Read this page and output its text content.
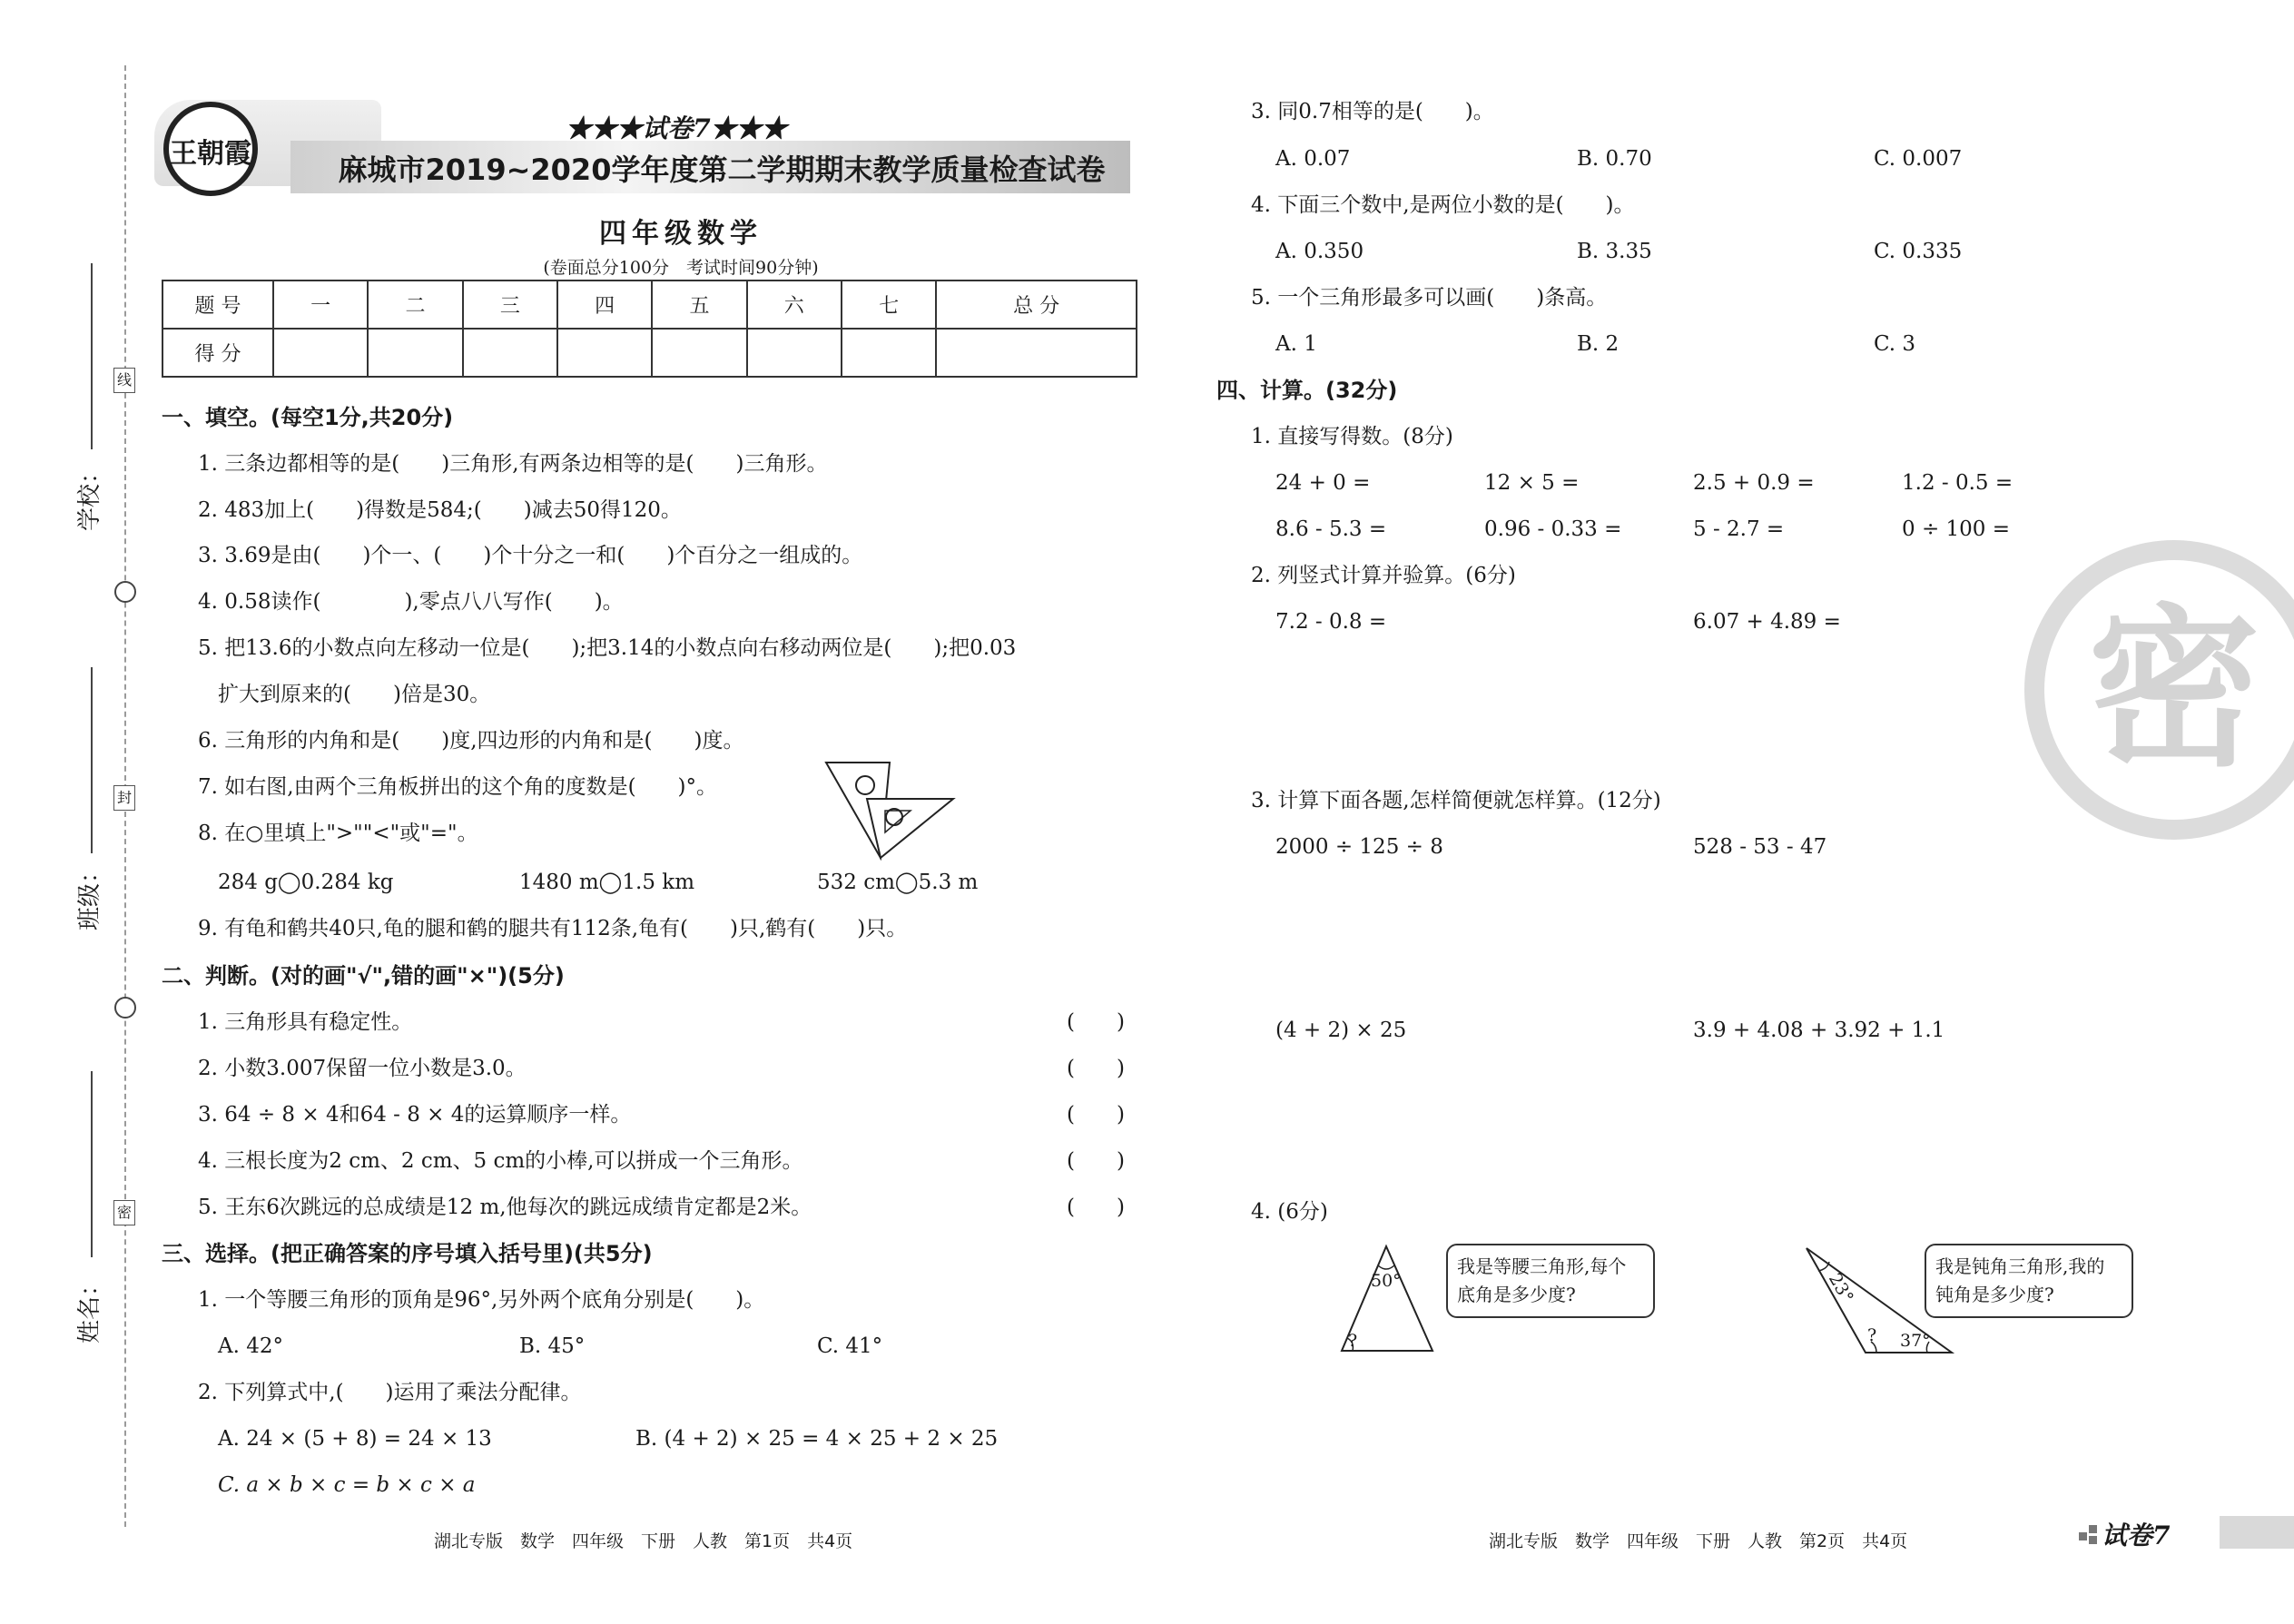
线
封
密
学校：
班级：
姓名：
王朝霞
★★★试卷7★★★
麻城市2019~2020学年度第二学期期末教学质量检查试卷
四年级数学
(卷面总分100分　考试时间90分钟)
题 号	一	二	三	四	五	六	七	总 分
得 分								
一、填空。(每空1分,共20分)
1. 三条边都相等的是(　　)三角形,有两条边相等的是(　　)三角形。
2. 483加上(　　)得数是584;(　　)减去50得120。
3. 3.69是由(　　)个一、(　　)个十分之一和(　　)个百分之一组成的。
4. 0.58读作(　　　　),零点八八写作(　　)。
5. 把13.6的小数点向左移动一位是(　　);把3.14的小数点向右移动两位是(　　);把0.03
扩大到原来的(　　)倍是30。
6. 三角形的内角和是(　　)度,四边形的内角和是(　　)度。
7. 如右图,由两个三角板拼出的这个角的度数是(　　)°。
8. 在○里填上">""<"或"="。
284 g◯0.284 kg	1480 m◯1.5 km	532 cm◯5.3 m
9. 有龟和鹤共40只,龟的腿和鹤的腿共有112条,龟有(　　)只,鹤有(　　)只。
二、判断。(对的画"√",错的画"×")(5分)
1. 三角形具有稳定性。	(　　)
2. 小数3.007保留一位小数是3.0。	(　　)
3. 64 ÷ 8 × 4和64 - 8 × 4的运算顺序一样。	(　　)
4. 三根长度为2 cm、2 cm、5 cm的小棒,可以拼成一个三角形。	(　　)
5. 王东6次跳远的总成绩是12 m,他每次的跳远成绩肯定都是2米。	(　　)
三、选择。(把正确答案的序号填入括号里)(共5分)
1. 一个等腰三角形的顶角是96°,另外两个底角分别是(　　)。
A. 42°	B. 45°	C. 41°
2. 下列算式中,(　　)运用了乘法分配律。
A. 24 × (5 + 8) = 24 × 13	B. (4 + 2) × 25 = 4 × 25 + 2 × 25
C. a × b × c = b × c × a
3. 同0.7相等的是(　　)。
A. 0.07	B. 0.70	C. 0.007
4. 下面三个数中,是两位小数的是(　　)。
A. 0.350	B. 3.35	C. 0.335
5. 一个三角形最多可以画(　　)条高。
A. 1	B. 2	C. 3
四、计算。(32分)
1. 直接写得数。(8分)
24 + 0 =	12 × 5 =	2.5 + 0.9 =	1.2 - 0.5 =
8.6 - 5.3 =	0.96 - 0.33 =	5 - 2.7 =	0 ÷ 100 =
2. 列竖式计算并验算。(6分)
7.2 - 0.8 =	6.07 + 4.89 =
3. 计算下面各题,怎样简便就怎样算。(12分)
2000 ÷ 125 ÷ 8	528 - 53 - 47
(4 + 2) × 25	3.9 + 4.08 + 3.92 + 1.1
4. (6分)
50°
?
我是等腰三角形,每个底角是多少度?	23°
37°
?
我是钝角三角形,我的钝角是多少度?
密
湖北专版　数学　四年级　下册　人教　第1页　共4页	湖北专版　数学　四年级　下册　人教　第2页　共4页	试卷7
